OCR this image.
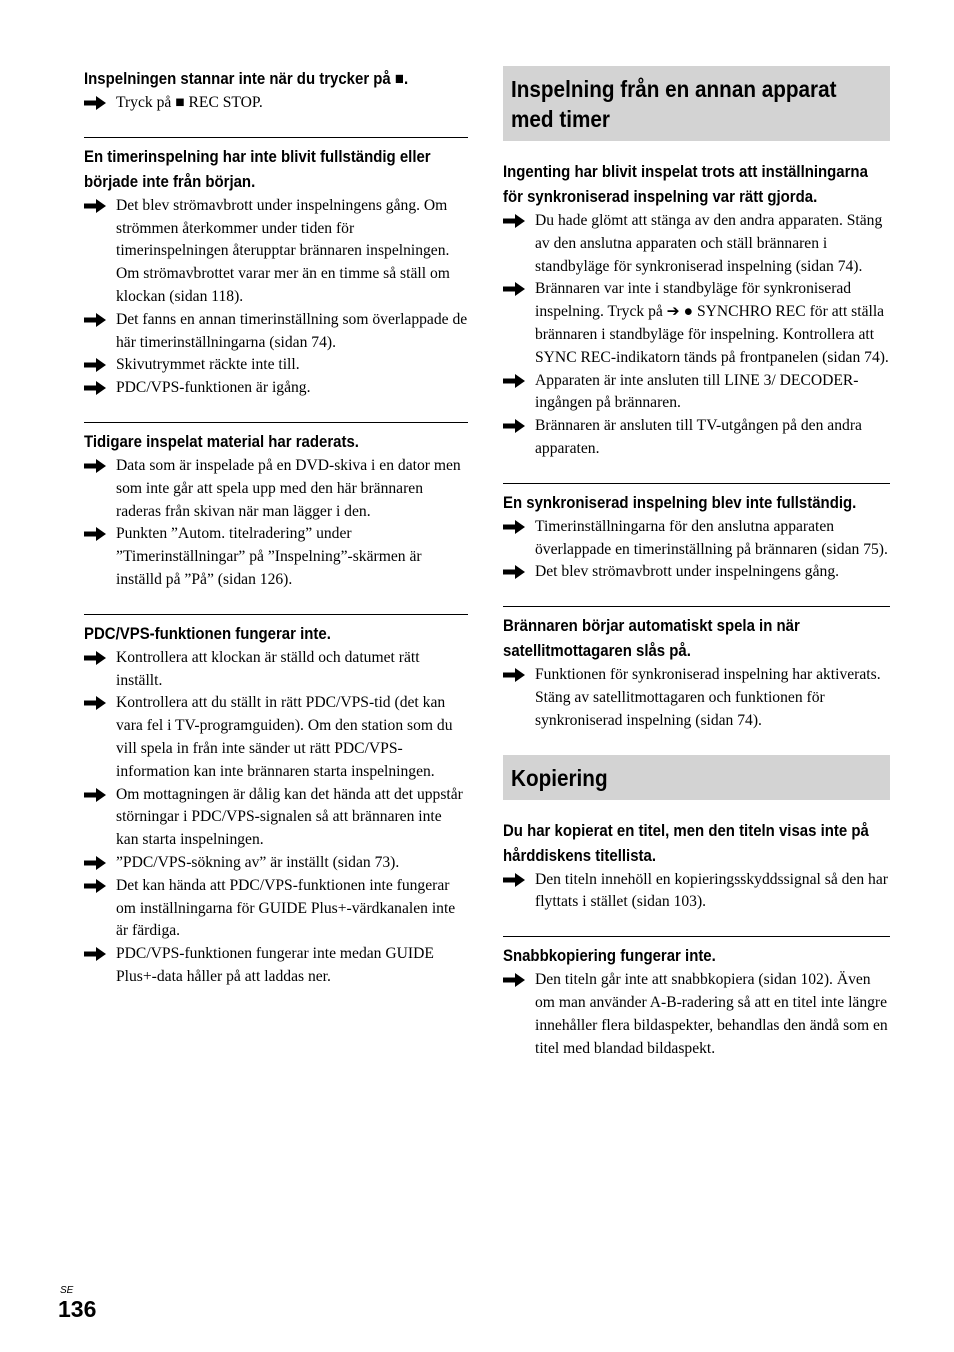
Inspelningen stannar inte när du trycker på ■.

Tryck på ■ REC STOP.

En timerinspelning har inte blivit fullständig eller började inte från början.

Det blev strömavbrott under inspelningens gång. Om strömmen återkommer under tiden för timerinspelningen återupptar brännaren inspelningen.

Om strömavbrottet varar mer än en timme så ställ om klockan (sidan 118).

Det fanns en annan timerinställning som överlappade de här timerinställningarna (sidan 74).

Skivutrymmet räckte inte till.

PDC/VPS-funktionen är igång.

Tidigare inspelat material har raderats.

Data som är inspelade på en DVD-skiva i en dator men som inte går att spela upp med den här brännaren raderas från skivan när man lägger i den.

Punkten ”Autom. titelradering” under ”Timerinställningar” på ”Inspelning”-skärmen är inställd på ”På” (sidan 126).

PDC/VPS-funktionen fungerar inte.

Kontrollera att klockan är ställd och datumet rätt inställt.

Kontrollera att du ställt in rätt PDC/VPS-tid (det kan vara fel i TV-programguiden). Om den station som du vill spela in från inte sänder ut rätt PDC/VPS-information kan inte brännaren starta inspelningen.

Om mottagningen är dålig kan det hända att det uppstår störningar i PDC/VPS-signalen så att brännaren inte kan starta inspelningen.

”PDC/VPS-sökning av” är inställt (sidan 73).

Det kan hända att PDC/VPS-funktionen inte fungerar om inställningarna för GUIDE Plus+-värdkanalen inte är färdiga.

PDC/VPS-funktionen fungerar inte medan GUIDE Plus+-data håller på att laddas ner.

Inspelning från en annan apparat med timer
Ingenting har blivit inspelat trots att inställningarna för synkroniserad inspelning var rätt gjorda.

Du hade glömt att stänga av den andra apparaten. Stäng av den anslutna apparaten och ställ brännaren i standbyläge för synkroniserad inspelning (sidan 74).

Brännaren var inte i standbyläge för synkroniserad inspelning. Tryck på ➔ ● SYNCHRO REC för att ställa brännaren i standbyläge för inspelning. Kontrollera att SYNC REC-indikatorn tänds på frontpanelen (sidan 74).

Apparaten är inte ansluten till LINE 3/ DECODER-ingången på brännaren.

Brännaren är ansluten till TV-utgången på den andra apparaten.

En synkroniserad inspelning blev inte fullständig.

Timerinställningarna för den anslutna apparaten överlappade en timerinställning på brännaren (sidan 75).

Det blev strömavbrott under inspelningens gång.

Brännaren börjar automatiskt spela in när satellitmottagaren slås på.

Funktionen för synkroniserad inspelning har aktiverats. Stäng av satellitmottagaren och funktionen för synkroniserad inspelning (sidan 74).

Kopiering
Du har kopierat en titel, men den titeln visas inte på hårddiskens titellista.

Den titeln innehöll en kopieringsskyddssignal så den har flyttats i stället (sidan 103).

Snabbkopiering fungerar inte.

Den titeln går inte att snabbkopiera (sidan 102). Även om man använder A-B-radering så att en titel inte längre innehåller flera bildaspekter, behandlas den ändå som en titel med blandad bildaspekt.

SE
136
